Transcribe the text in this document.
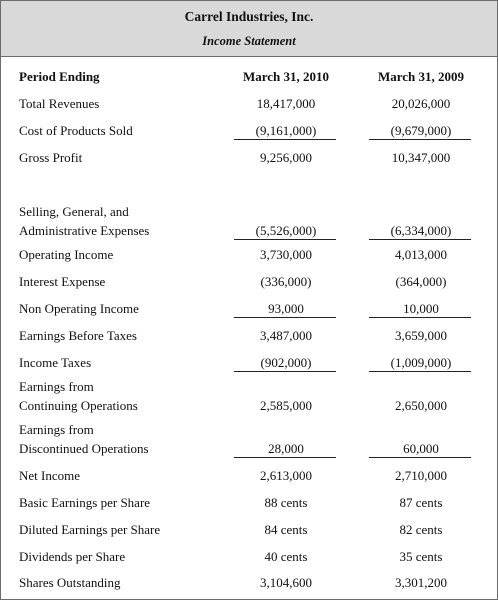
Carrel Industries, Inc.
Income Statement
Period Ending	March 31, 2010	March 31, 2009
Total Revenues	18,417,000	20,026,000
Cost of Products Sold	(9,161,000)	(9,679,000)
Gross Profit	9,256,000	10,347,000
Selling, General, and
Administrative Expenses	(5,526,000)	(6,334,000)
Operating Income	3,730,000	4,013,000
Interest Expense	(336,000)	(364,000)
Non Operating Income	93,000	10,000
Earnings Before Taxes	3,487,000	3,659,000
Income Taxes	(902,000)	(1,009,000)
Earnings from
Continuing Operations	2,585,000	2,650,000
Earnings from
Discontinued Operations	28,000	60,000
Net Income	2,613,000	2,710,000
Basic Earnings per Share	88 cents	87 cents
Diluted Earnings per Share	84 cents	82 cents
Dividends per Share	40 cents	35 cents
Shares Outstanding	3,104,600	3,301,200
